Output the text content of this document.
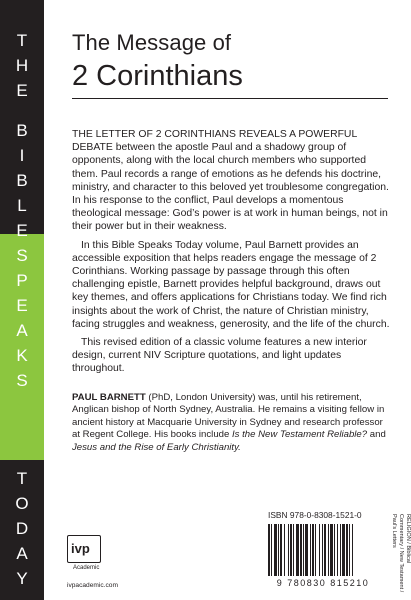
T
H
E
B
I
B
L
E
S
P
E
A
K
S
T
O
D
A
Y
The Message of
2 Corinthians

THE LETTER OF 2 CORINTHIANS REVEALS A POWERFUL DEBATE between the apostle Paul and a shadowy group of opponents, along with the local church members who supported them. Paul records a range of emotions as he defends his doctrine, ministry, and character to this beloved yet troublesome congregation. In his response to the conflict, Paul develops a momentous theological message: God’s power is at work in human beings, not in their power but in their weakness.

In this Bible Speaks Today volume, Paul Barnett provides an accessible exposition that helps readers engage the message of 2 Corinthians. Working passage by passage through this often challenging epistle, Barnett provides helpful background, draws out key themes, and offers applications for Christians today. We find rich insights about the work of Christ, the nature of Christian ministry, facing struggles and weakness, generosity, and the life of the church.

This revised edition of a classic volume features a new interior design, current NIV Scripture quotations, and light updates throughout.

PAUL BARNETT (PhD, London University) was, until his retirement, Anglican bishop of North Sydney, Australia. He remains a visiting fellow in ancient history at Macquarie University in Sydney and research professor at Regent College. His books include Is the New Testament Reliable? and Jesus and the Rise of Early Christianity.

ISBN 978-0-8308-1521-0
9 780830 815210
RELIGION / Biblical Commentary / New Testament / Paul’s Letters
ivp
Academic
ivpacademic.com
